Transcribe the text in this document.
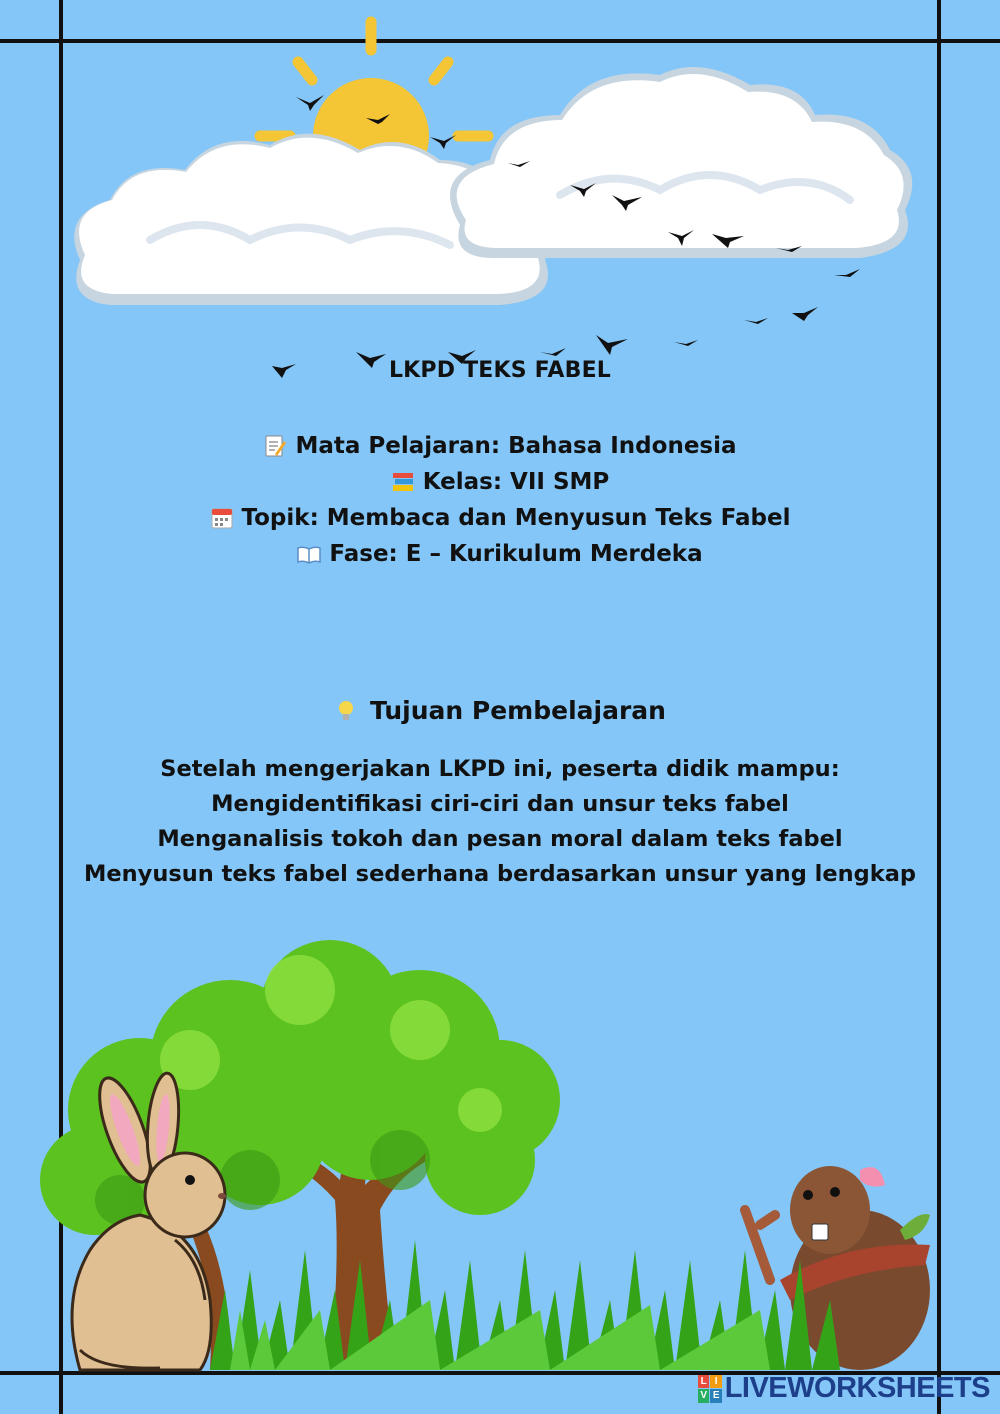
LKPD TEKS FABEL
Mata Pelajaran: Bahasa Indonesia
Kelas: VII SMP
Topik: Membaca dan Menyusun Teks Fabel
Fase: E – Kurikulum Merdeka
Tujuan Pembelajaran
Setelah mengerjakan LKPD ini, peserta didik mampu:
Mengidentifikasi ciri-ciri dan unsur teks fabel
Menganalisis tokoh dan pesan moral dalam teks fabel
Menyusun teks fabel sederhana berdasarkan unsur yang lengkap
L I
V E LIVEWORKSHEETS
